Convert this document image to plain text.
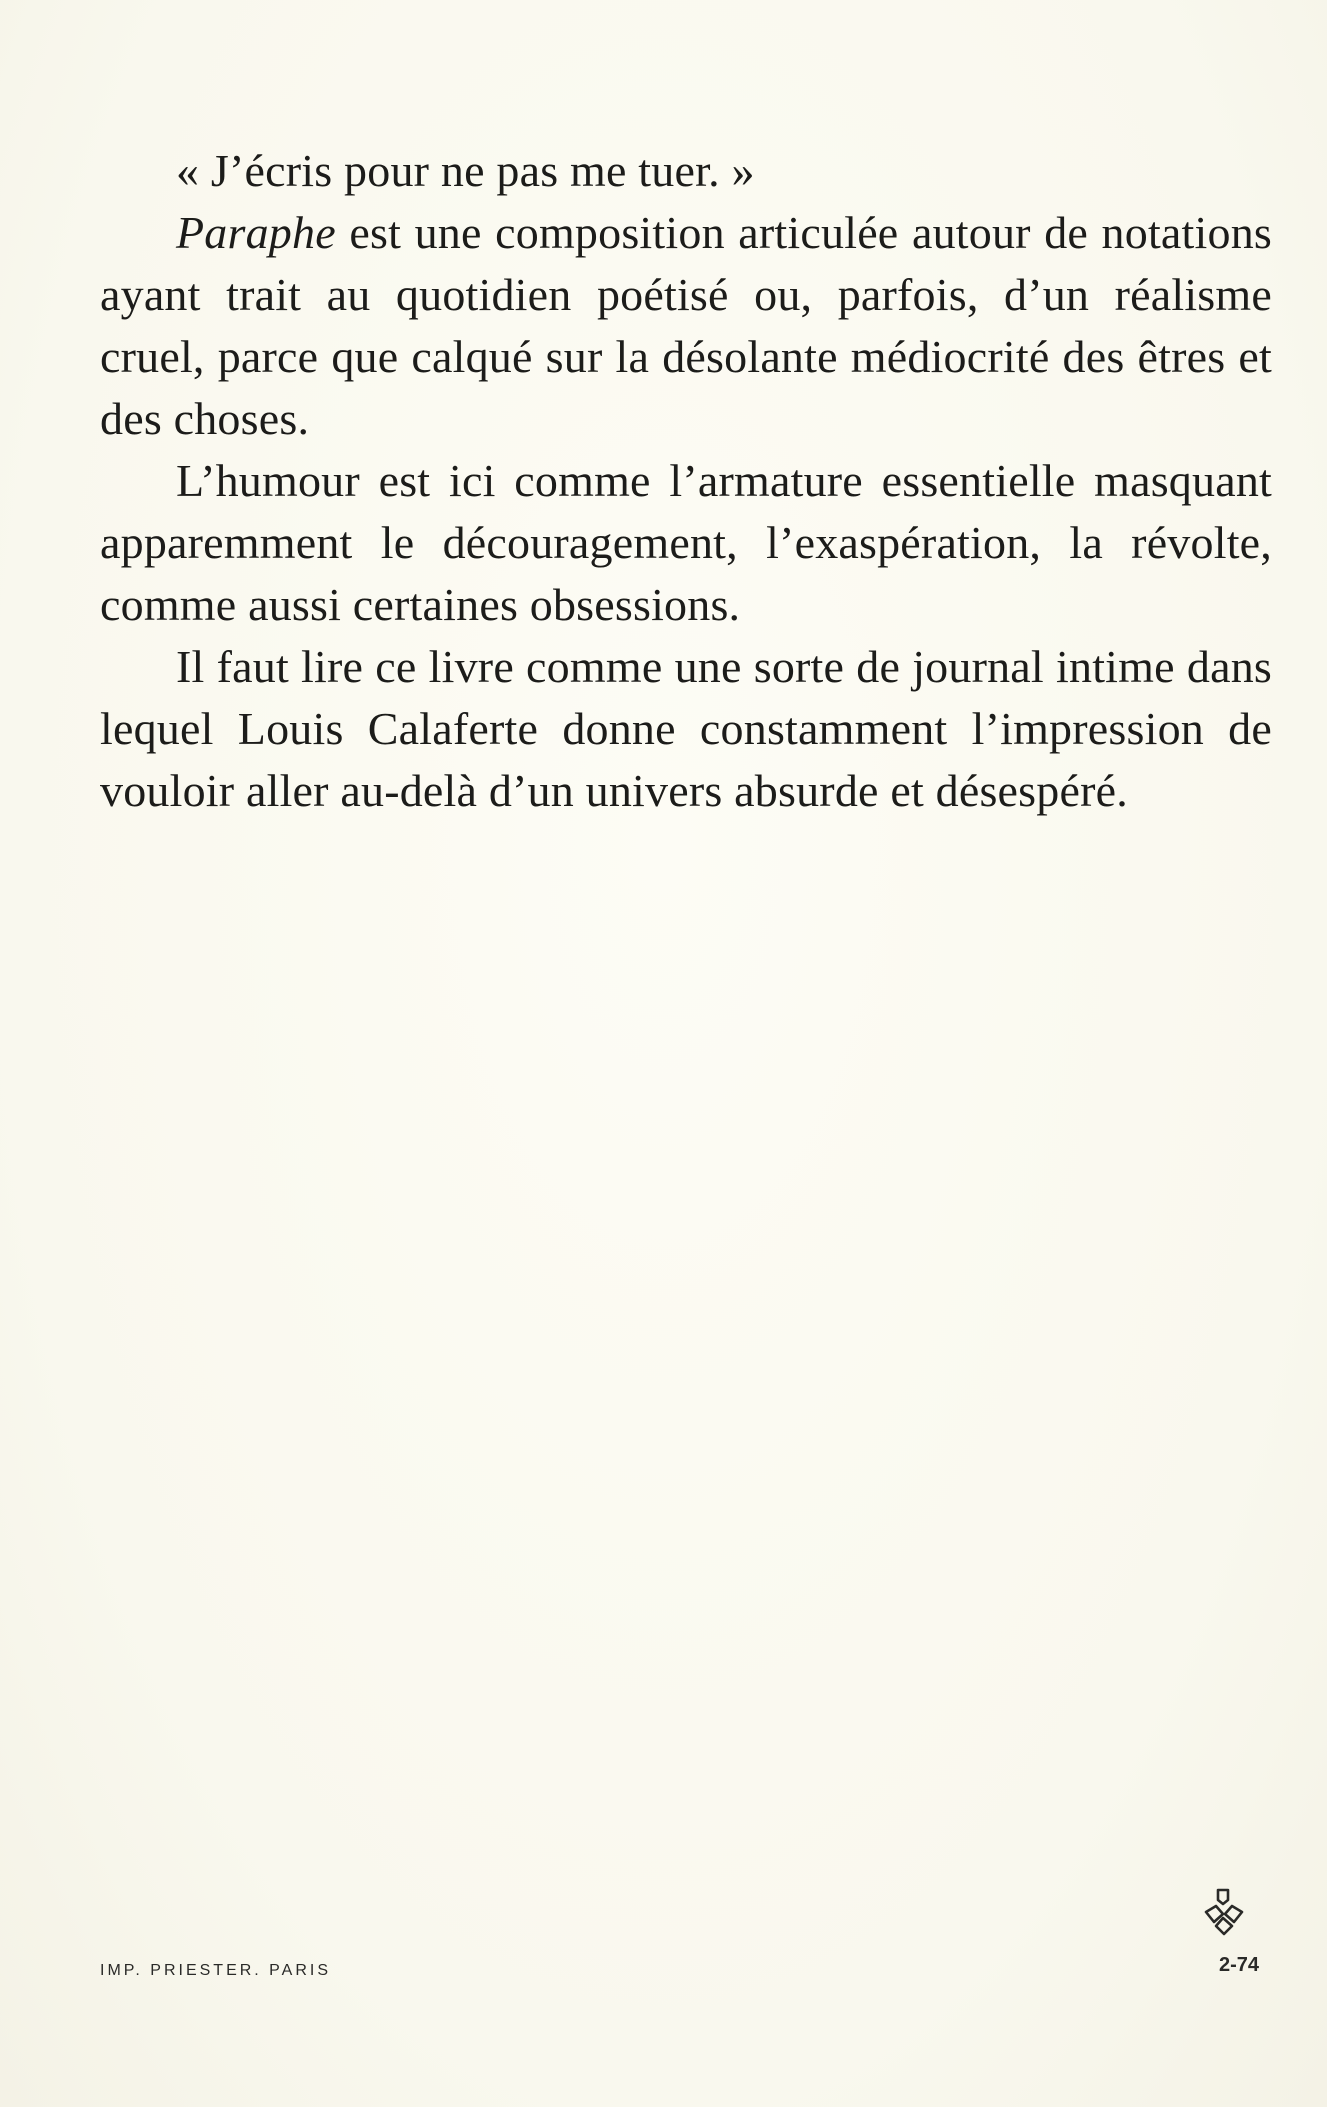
« J’écris pour ne pas me tuer. »

Paraphe est une composition articulée autour de notations ayant trait au quotidien poétisé ou, parfois, d’un réalisme cruel, parce que calqué sur la désolante médiocrité des êtres et des choses.

L’humour est ici comme l’armature essentielle masquant apparemment le découragement, l’exaspération, la révolte, comme aussi certaines obsessions.

Il faut lire ce livre comme une sorte de journal intime dans lequel Louis Calaferte donne constamment l’impression de vouloir aller au-delà d’un univers absurde et désespéré.

IMP. PRIESTER. PARIS	2-74
